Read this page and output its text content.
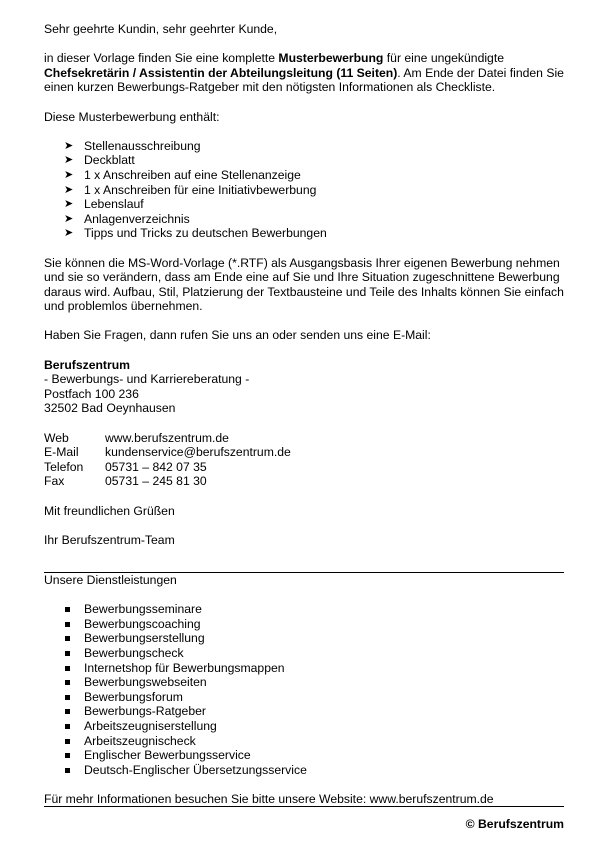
Sehr geehrte Kundin, sehr geehrter Kunde,

in dieser Vorlage finden Sie eine komplette Musterbewerbung für eine ungekündigte Chefsekretärin / Assistentin der Abteilungsleitung (11 Seiten). Am Ende der Datei finden Sie einen kurzen Bewerbungs-Ratgeber mit den nötigsten Informationen als Checkliste.

Diese Musterbewerbung enthält:

➤ Stellenausschreibung
➤ Deckblatt
➤ 1 x Anschreiben auf eine Stellenanzeige
➤ 1 x Anschreiben für eine Initiativbewerbung
➤ Lebenslauf
➤ Anlagenverzeichnis
➤ Tipps und Tricks zu deutschen Bewerbungen

Sie können die MS-Word-Vorlage (*.RTF) als Ausgangsbasis Ihrer eigenen Bewerbung nehmen und sie so verändern, dass am Ende eine auf Sie und Ihre Situation zugeschnittene Bewerbung daraus wird. Aufbau, Stil, Platzierung der Textbausteine und Teile des Inhalts können Sie einfach und problemlos übernehmen.

Haben Sie Fragen, dann rufen Sie uns an oder senden uns eine E-Mail:

Berufszentrum

- Bewerbungs- und Karriereberatung -

Postfach 100 236

32502 Bad Oeynhausen

Web	www.berufszentrum.de
E-Mail	kundenservice@berufszentrum.de
Telefon	05731 – 842 07 35
Fax	05731 – 245 81 30

Mit freundlichen Grüßen

Ihr Berufszentrum-Team

Unsere Dienstleistungen

Bewerbungsseminare
Bewerbungscoaching
Bewerbungserstellung
Bewerbungscheck
Internetshop für Bewerbungsmappen
Bewerbungswebseiten
Bewerbungsforum
Bewerbungs-Ratgeber
Arbeitszeugniserstellung
Arbeitszeugnischeck
Englischer Bewerbungsservice
Deutsch-Englischer Übersetzungsservice

Für mehr Informationen besuchen Sie bitte unsere Website: www.berufszentrum.de

© Berufszentrum
